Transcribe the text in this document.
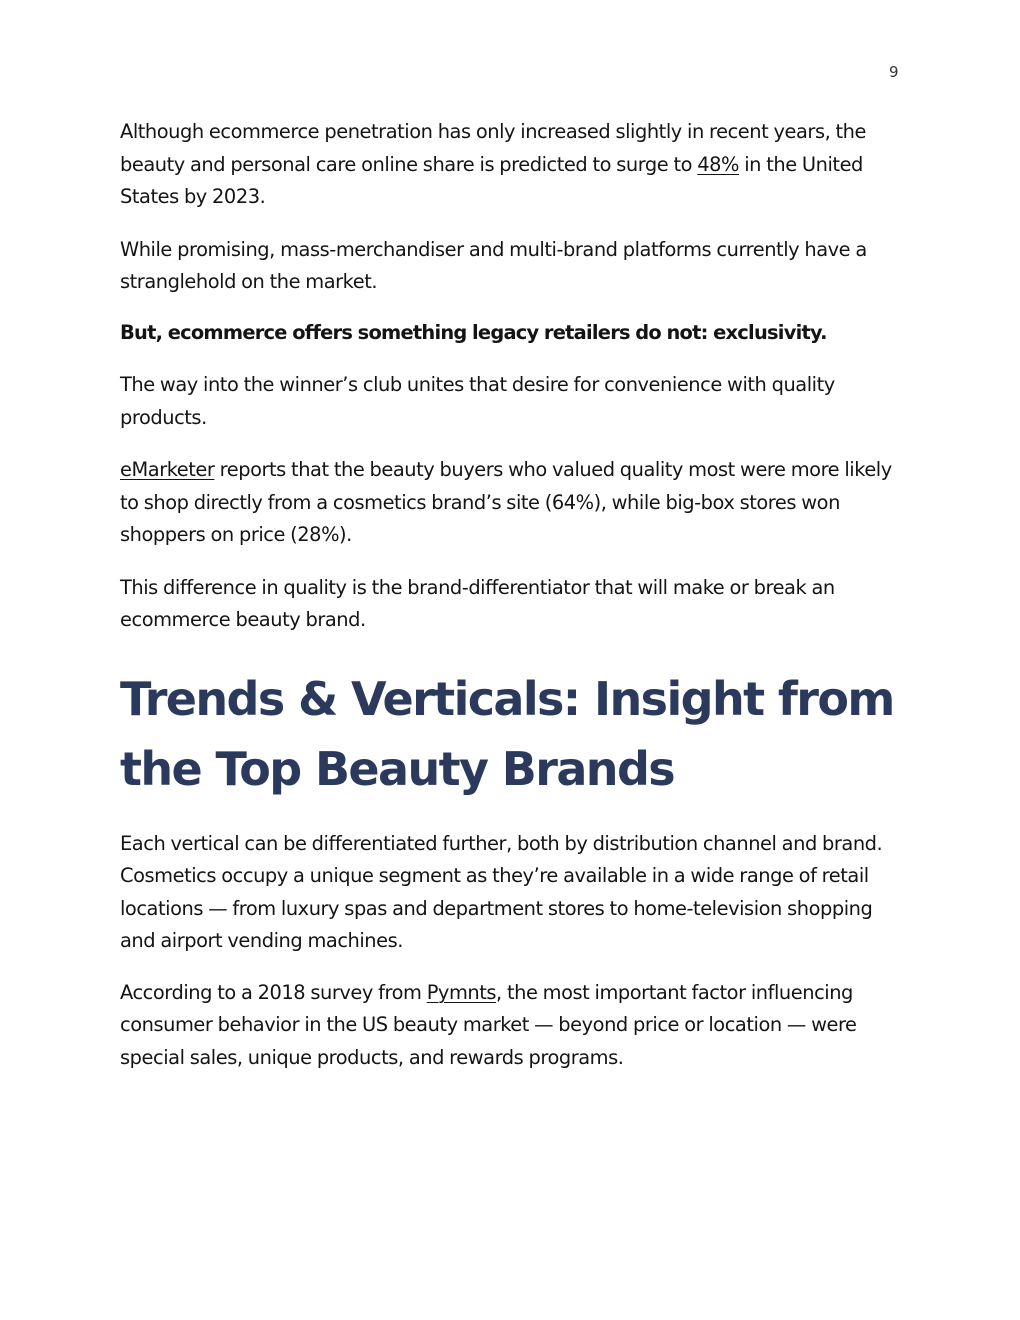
9

Although ecommerce penetration has only increased slightly in recent years, the beauty and personal care online share is predicted to surge to 48% in the United States by 2023.

While promising, mass-merchandiser and multi-brand platforms currently have a stranglehold on the market.

But, ecommerce offers something legacy retailers do not: exclusivity.

The way into the winner’s club unites that desire for convenience with quality products.

eMarketer reports that the beauty buyers who valued quality most were more likely to shop directly from a cosmetics brand’s site (64%), while big-box stores won shoppers on price (28%).

This difference in quality is the brand-differentiator that will make or break an ecommerce beauty brand.

Trends & Verticals: Insight from the Top Beauty Brands

Each vertical can be differentiated further, both by distribution channel and brand. Cosmetics occupy a unique segment as they’re available in a wide range of retail locations — from luxury spas and department stores to home-television shopping and airport vending machines.

According to a 2018 survey from Pymnts, the most important factor influencing consumer behavior in the US beauty market — beyond price or location — were special sales, unique products, and rewards programs.
